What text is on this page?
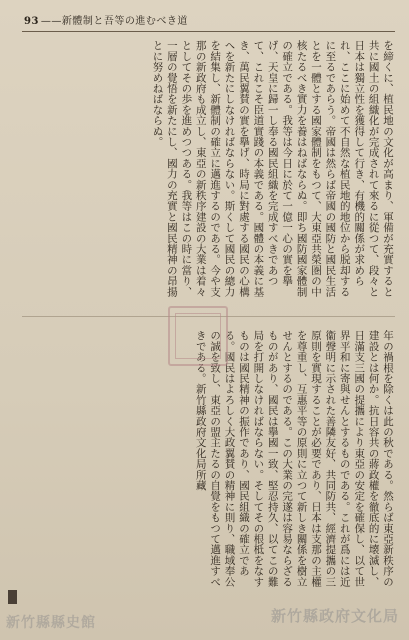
93 ——新體制と吾等の進むべき道
を締くに、植民地の文化が高まり、軍備が充實すると共に國土の組織化が完成されて來るに從つて、段々と日本は獨立性を獲得して行き、有機的關係が求められ、ここに始めて不自然な植民地的地位から脱却するに至るであらう。帝國は然らば帝國の國防と國民生活とを一體とする國家體制をもつて、大東亞共榮圏の中核たるべき實力を養はねばならぬ。即ち國防國家體制の確立である。我等は今日に於て一億一心の實を擧げ、天皇に歸一し奉る國民組織を完成すべきであつて、これこそ臣道實踐の本義である。國體の本義に基き、萬民翼賛の實を擧げ、時局に對處する國民の心構へを新たにしなければならない。斯くして國民の總力を結集し、新體制の確立に邁進するのである。今や支那の新政府も成立し、東亞の新秩序建設の大業は着々としてその歩を進めつつある。我等はこの時に當り、一層の覺悟を新たにし、國力の充實と國民精神の昂揚とに努めねばならぬ。
年の禍根を除くは此の秋である。然らば東亞新秩序の建設とは何か。抗日容共の蔣政權を徹底的に壊滅し、日滿支三國の提攜により東亞の安定を確保し、以て世界平和に寄與せんとするものである。これが爲には近衞聲明に示された善隣友好、共同防共、經濟提攜の三原則を實現することが必要であり、日本は支那の主權を尊重し、互惠平等の原則に立つて新しき關係を樹立せんとするのである。この大業の完遂は容易ならざるものがあり、國民は擧國一致、堅忍持久、以てこの難局を打開しなければならない。そしてその根柢をなすものは國民精神の振作であり、國民組織の確立である。國民はよろしく大政翼賛の精神に則り、職域奉公の誠を致し、東亞の盟主たるの自覺をもつて邁進すべきである。新竹縣政府文化局所藏
新竹縣政府文化局
新竹縣縣史館
